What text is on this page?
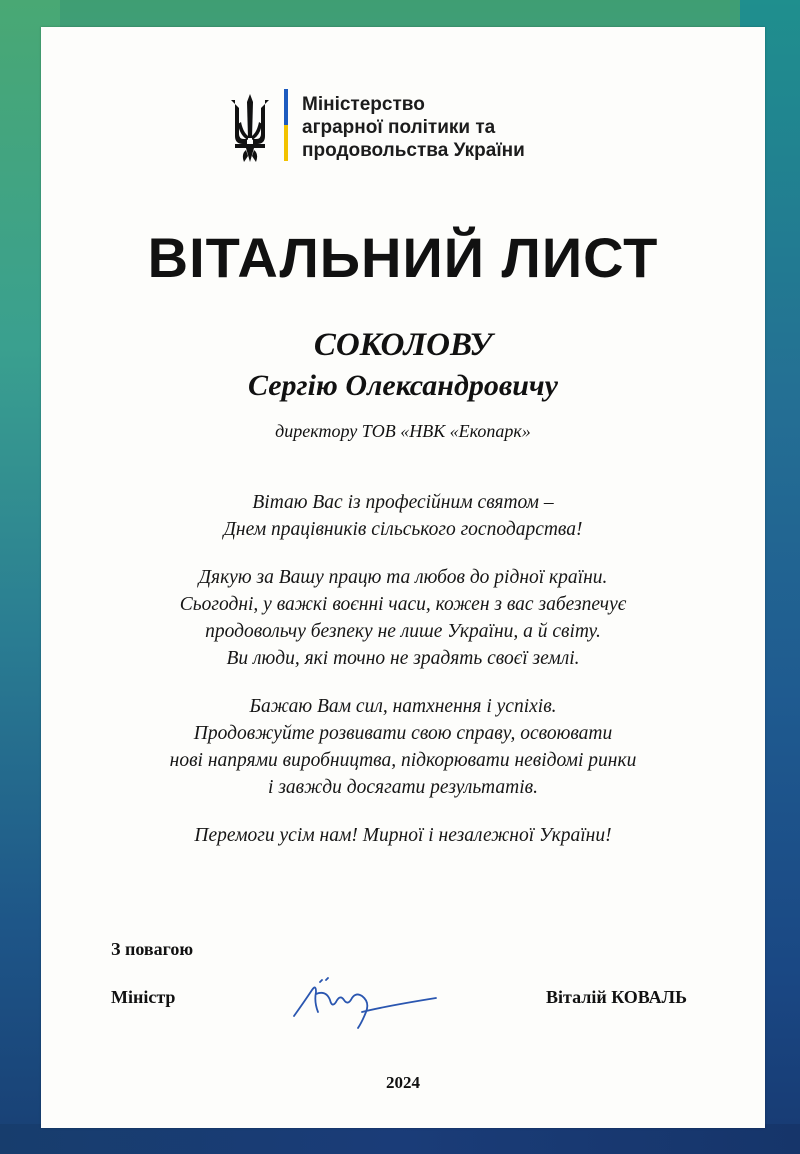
Міністерство
аграрної політики та
продовольства України
ВІТАЛЬНИЙ ЛИСТ
СОКОЛОВУ
Сергію Олександровичу
директору ТОВ «НВК «Екопарк»
Вітаю Вас із професійним святом –
Днем працівників сільського господарства!
Дякую за Вашу працю та любов до рідної країни.
Сьогодні, у важкі воєнні часи, кожен з вас забезпечує
продовольчу безпеку не лише України, а й світу.
Ви люди, які точно не зрадять своєї землі.
Бажаю Вам сил, натхнення і успіхів.
Продовжуйте розвивати свою справу, освоювати
нові напрями виробництва, підкорювати невідомі ринки
і завжди досягати результатів.
Перемоги усім нам! Мирної і незалежної України!
З повагою
Міністр	Віталій КОВАЛЬ
2024
